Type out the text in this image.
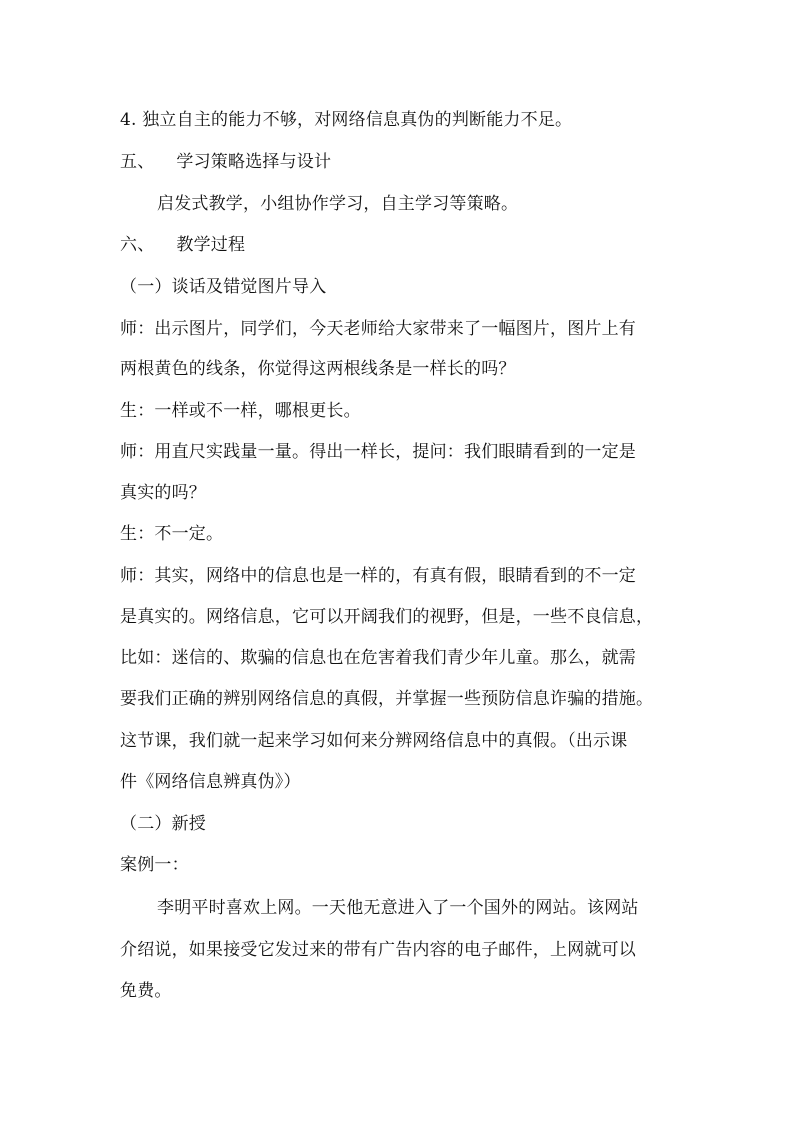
4. 独立自主的能力不够，对网络信息真伪的判断能力不足。
五、 学习策略选择与设计
启发式教学，小组协作学习，自主学习等策略。
六、 教学过程
（一）谈话及错觉图片导入
师：出示图片，同学们，今天老师给大家带来了一幅图片，图片上有
两根黄色的线条，你觉得这两根线条是一样长的吗？
生：一样或不一样，哪根更长。
师：用直尺实践量一量。得出一样长，提问：我们眼睛看到的一定是
真实的吗？
生：不一定。
师：其实，网络中的信息也是一样的，有真有假，眼睛看到的不一定
是真实的。网络信息，它可以开阔我们的视野，但是，一些不良信息，
比如：迷信的、欺骗的信息也在危害着我们青少年儿童。那么，就需
要我们正确的辨别网络信息的真假，并掌握一些预防信息诈骗的措施。
这节课，我们就一起来学习如何来分辨网络信息中的真假。（出示课
件《网络信息辨真伪》）
（二）新授
案例一：
李明平时喜欢上网。一天他无意进入了一个国外的网站。该网站
介绍说，如果接受它发过来的带有广告内容的电子邮件，上网就可以
免费。
